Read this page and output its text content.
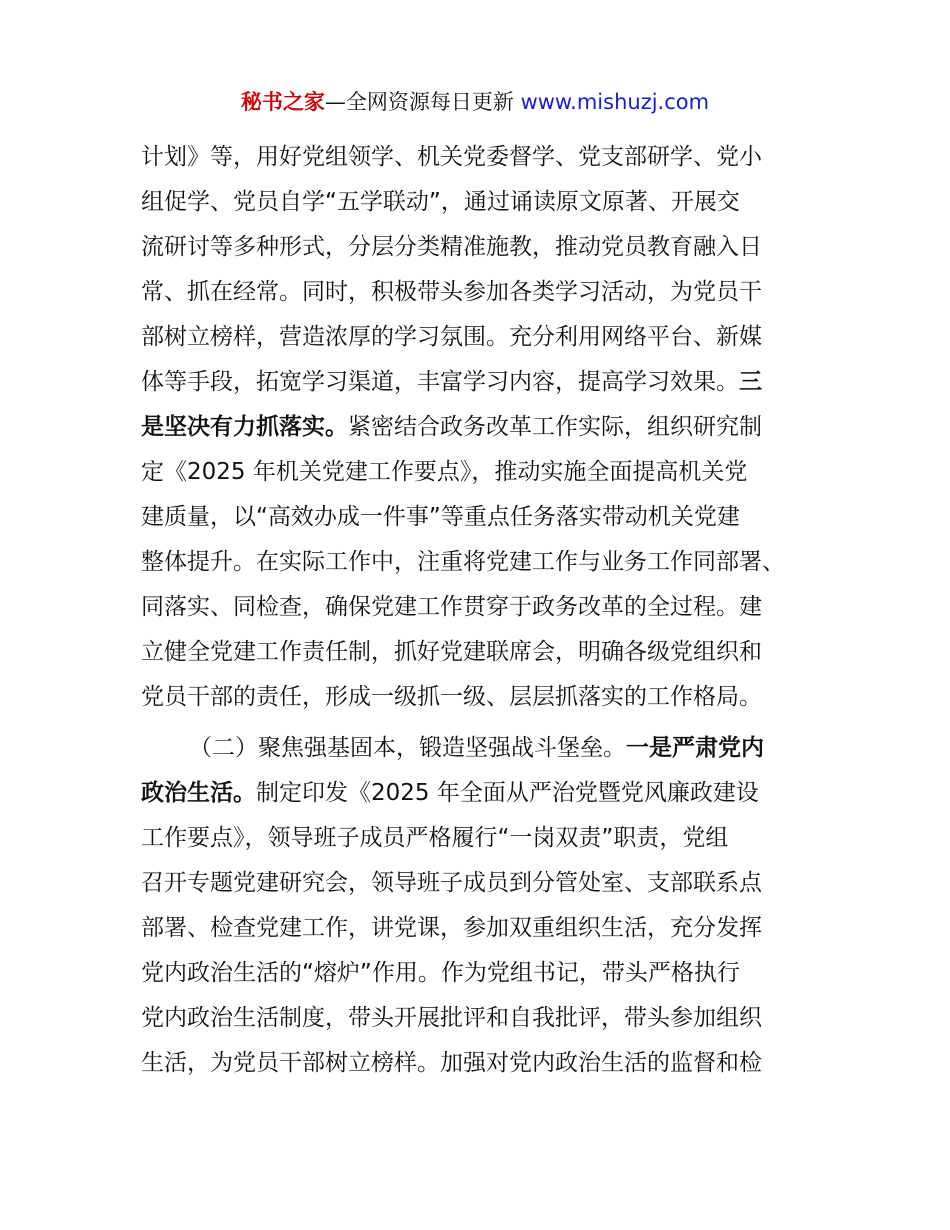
秘书之家—全网资源每日更新 www.mishuzj.com
计划》等，用好党组领学、机关党委督学、党支部研学、党小
组促学、党员自学“五学联动”，通过诵读原文原著、开展交
流研讨等多种形式，分层分类精准施教，推动党员教育融入日
常、抓在经常。同时，积极带头参加各类学习活动，为党员干
部树立榜样，营造浓厚的学习氛围。充分利用网络平台、新媒
体等手段，拓宽学习渠道，丰富学习内容，提高学习效果。三
是坚决有力抓落实。紧密结合政务改革工作实际，组织研究制
定《2025 年机关党建工作要点》，推动实施全面提高机关党
建质量，以“高效办成一件事”等重点任务落实带动机关党建
整体提升。在实际工作中，注重将党建工作与业务工作同部署、
同落实、同检查，确保党建工作贯穿于政务改革的全过程。建
立健全党建工作责任制，抓好党建联席会，明确各级党组织和
党员干部的责任，形成一级抓一级、层层抓落实的工作格局。
（二）聚焦强基固本，锻造坚强战斗堡垒。一是严肃党内
政治生活。制定印发《2025 年全面从严治党暨党风廉政建设
工作要点》，领导班子成员严格履行“一岗双责”职责，党组
召开专题党建研究会，领导班子成员到分管处室、支部联系点
部署、检查党建工作，讲党课，参加双重组织生活，充分发挥
党内政治生活的“熔炉”作用。作为党组书记，带头严格执行
党内政治生活制度，带头开展批评和自我批评，带头参加组织
生活，为党员干部树立榜样。加强对党内政治生活的监督和检
